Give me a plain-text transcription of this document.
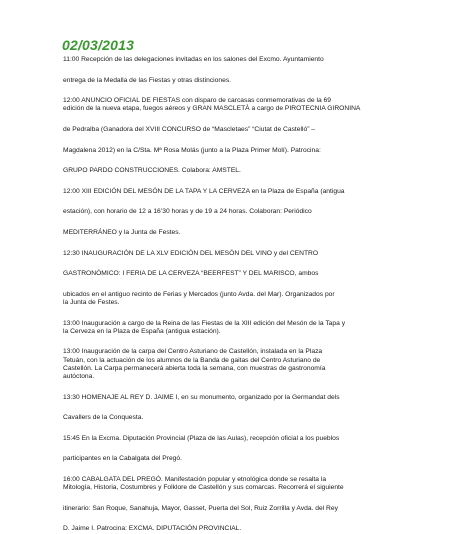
02/03/2013
11:00 Recepción de las delegaciones invitadas en los salones del Excmo. Ayuntamiento
entrega de la Medalla de las Fiestas y otras distinciones.
12:00 ANUNCIO OFICIAL DE FIESTAS con disparo de carcasas conmemorativas de la 69
edición de la nueva etapa, fuegos aéreos y GRAN MASCLETÀ a cargo de PIROTECNIA GIRONINA
de Pedralba (Ganadora del XVIII CONCURSO de “Mascletaes” “Ciutat de Castelló” –
Magdalena 2012) en la C/Sta. Mª Rosa Molás (junto a la Plaza Primer Molí). Patrocina:
GRUPO PARDO CONSTRUCCIONES. Colabora: AMSTEL.
12:00 XIII EDICIÓN DEL MESÓN DE LA TAPA Y LA CERVEZA en la Plaza de España (antigua
estación), con horario de 12 a 16’30 horas y de 19 a 24 horas. Colaboran: Periódico
MEDITERRÁNEO y la Junta de Festes.
12:30 INAUGURACIÓN DE LA XLV EDICIÓN DEL MESÓN DEL VINO y del CENTRO
GASTRONÓMICO: I FERIA DE LA CERVEZA “BEERFEST” Y DEL MARISCO, ambos
ubicados en el antiguo recinto de Ferias y Mercados (junto Avda. del Mar). Organizados por
la Junta de Festes.
13:00 Inauguración a cargo de la Reina de las Fiestas de la XIII edición del Mesón de la Tapa y
la Cerveza en la Plaza de España (antigua estación).
13:00 Inauguración de la carpa del Centro Asturiano de Castellón, instalada en la Plaza
Tetuán, con la actuación de los alumnos de la Banda de gaitas del Centro Asturiano de
Castellón. La Carpa permanecerá abierta toda la semana, con muestras de gastronomía
autóctona.
13:30 HOMENAJE AL REY D. JAIME I, en su monumento, organizado por la Germandat dels
Cavallers de la Conquesta.
15:45 En la Excma. Diputación Provincial (Plaza de las Aulas), recepción oficial a los pueblos
participantes en la Cabalgata del Pregó.
16:00 CABALGATA DEL PREGÓ. Manifestación popular y etnológica donde se resalta la
Mitología, Historia, Costumbres y Folklore de Castellón y sus comarcas. Recorrerá el siguiente
itinerario: San Roque, Sanahuja, Mayor, Gasset, Puerta del Sol, Ruiz Zorrilla y Avda. del Rey
D. Jaime I. Patrocina: EXCMA. DIPUTACIÓN PROVINCIAL.
